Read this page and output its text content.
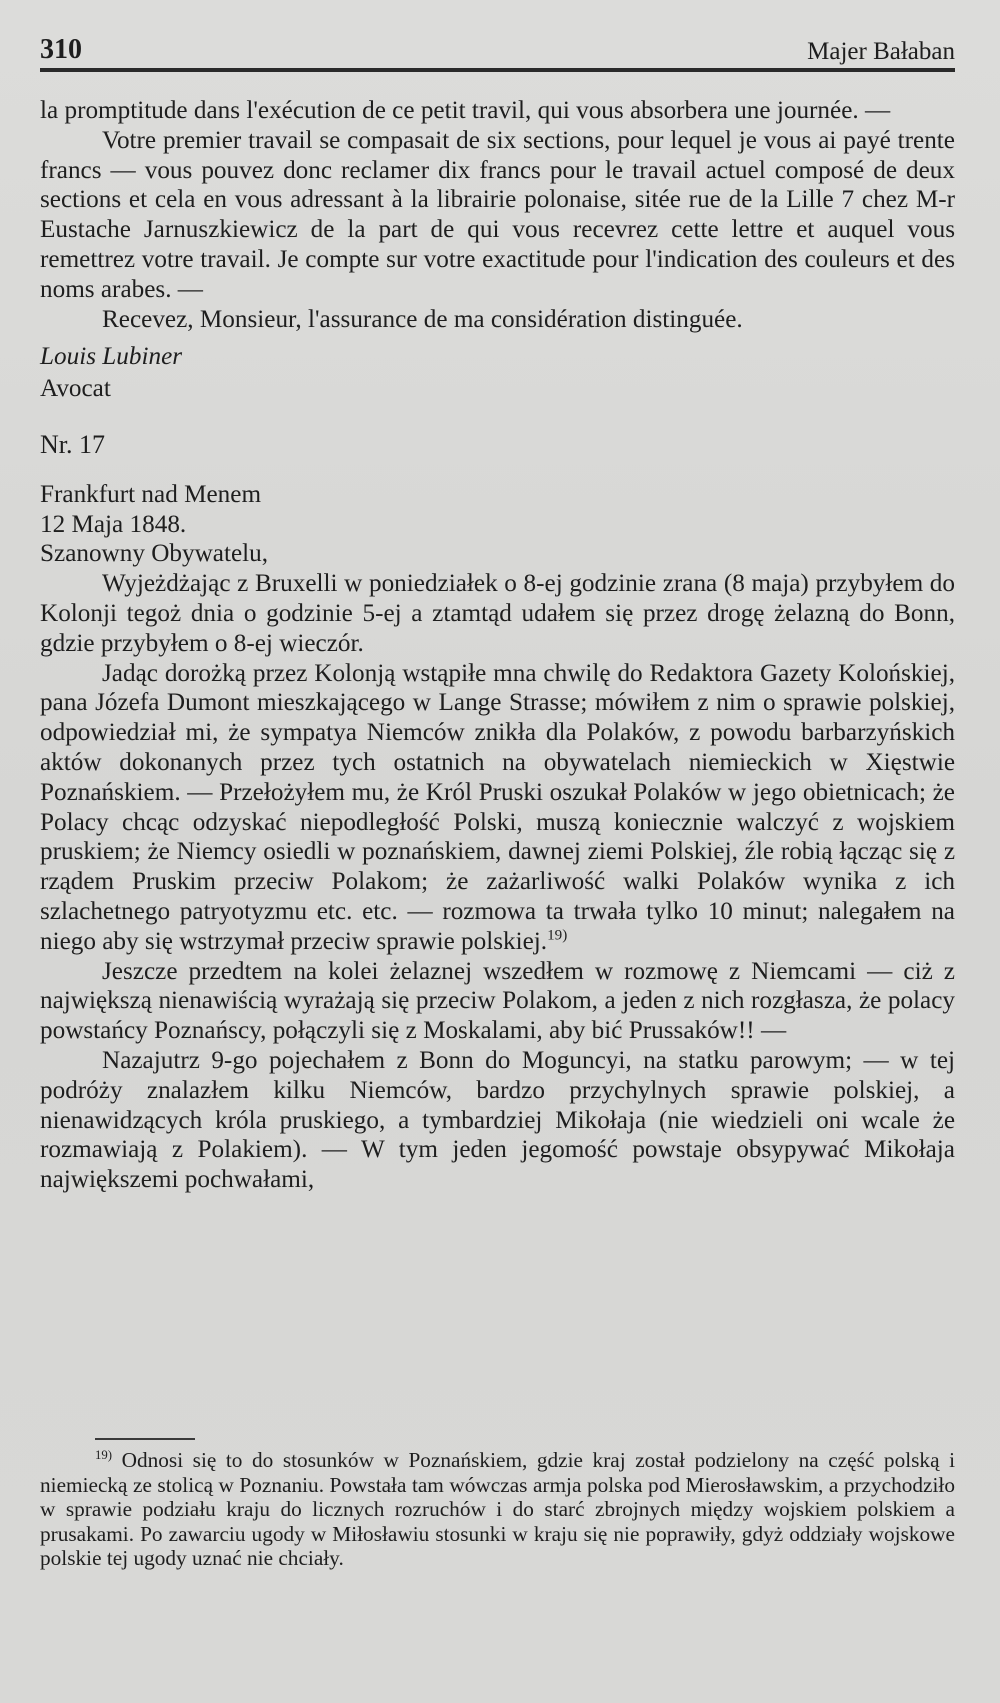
310	Majer Bałaban

la promptitude dans l'exécution de ce petit travil, qui vous absorbera une journée. —

Votre premier travail se compasait de six sections, pour lequel je vous ai payé trente francs — vous pouvez donc reclamer dix francs pour le travail actuel composé de deux sections et cela en vous adressant à la librairie polonaise, sitée rue de la Lille 7 chez M-r Eustache Jarnuszkiewicz de la part de qui vous recevrez cette lettre et auquel vous remettrez votre travail. Je compte sur votre exactitude pour l'indication des couleurs et des noms arabes. —

Recevez, Monsieur, l'assurance de ma considération distinguée.

Louis Lubiner

Avocat

Nr. 17

Frankfurt nad Menem

12 Maja 1848.

Szanowny Obywatelu,

Wyjeżdżając z Bruxelli w poniedziałek o 8-ej godzinie zrana (8 maja) przybyłem do Kolonji tegoż dnia o godzinie 5-ej a ztamtąd udałem się przez drogę żelazną do Bonn, gdzie przybyłem o 8-ej wieczór.

Jadąc dorożką przez Kolonją wstąpiłe mna chwilę do Redaktora Gazety Kolońskiej, pana Józefa Dumont mieszkającego w Lange Strasse; mówiłem z nim o sprawie polskiej, odpowiedział mi, że sympatya Niemców znikła dla Polaków, z powodu barbarzyńskich aktów dokonanych przez tych ostatnich na obywatelach niemieckich w Xięstwie Poznańskiem. — Przełożyłem mu, że Król Pruski oszukał Polaków w jego obietnicach; że Polacy chcąc odzyskać niepodległość Polski, muszą koniecznie walczyć z wojskiem pruskiem; że Niemcy osiedli w poznańskiem, dawnej ziemi Polskiej, źle robią łącząc się z rządem Pruskim przeciw Polakom; że zażarliwość walki Polaków wynika z ich szlachetnego patryotyzmu etc. etc. — rozmowa ta trwała tylko 10 minut; nalegałem na niego aby się wstrzymał przeciw sprawie polskiej.$^{19)}$

Jeszcze przedtem na kolei żelaznej wszedłem w rozmowę z Niemcami — ciż z największą nienawiścią wyrażają się przeciw Polakom, a jeden z nich rozgłasza, że polacy powstańcy Poznańscy, połączyli się z Moskalami, aby bić Prussaków!! —

Nazajutrz 9-go pojechałem z Bonn do Moguncyi, na statku parowym; — w tej podróży znalazłem kilku Niemców, bardzo przychylnych sprawie polskiej, a nienawidzących króla pruskiego, a tymbardziej Mikołaja (nie wiedzieli oni wcale że rozmawiają z Polakiem). — W tym jeden jegomość powstaje obsypywać Mikołaja największemi pochwałami,

$^{19)}$ Odnosi się to do stosunków w Poznańskiem, gdzie kraj został podzielony na część polską i niemiecką ze stolicą w Poznaniu. Powstała tam wówczas armja polska pod Mierosławskim, a przychodziło w sprawie podziału kraju do licznych rozruchów i do starć zbrojnych między wojskiem polskiem a prusakami. Po zawarciu ugody w Miłosławiu stosunki w kraju się nie poprawiły, gdyż oddziały wojskowe polskie tej ugody uznać nie chciały.
